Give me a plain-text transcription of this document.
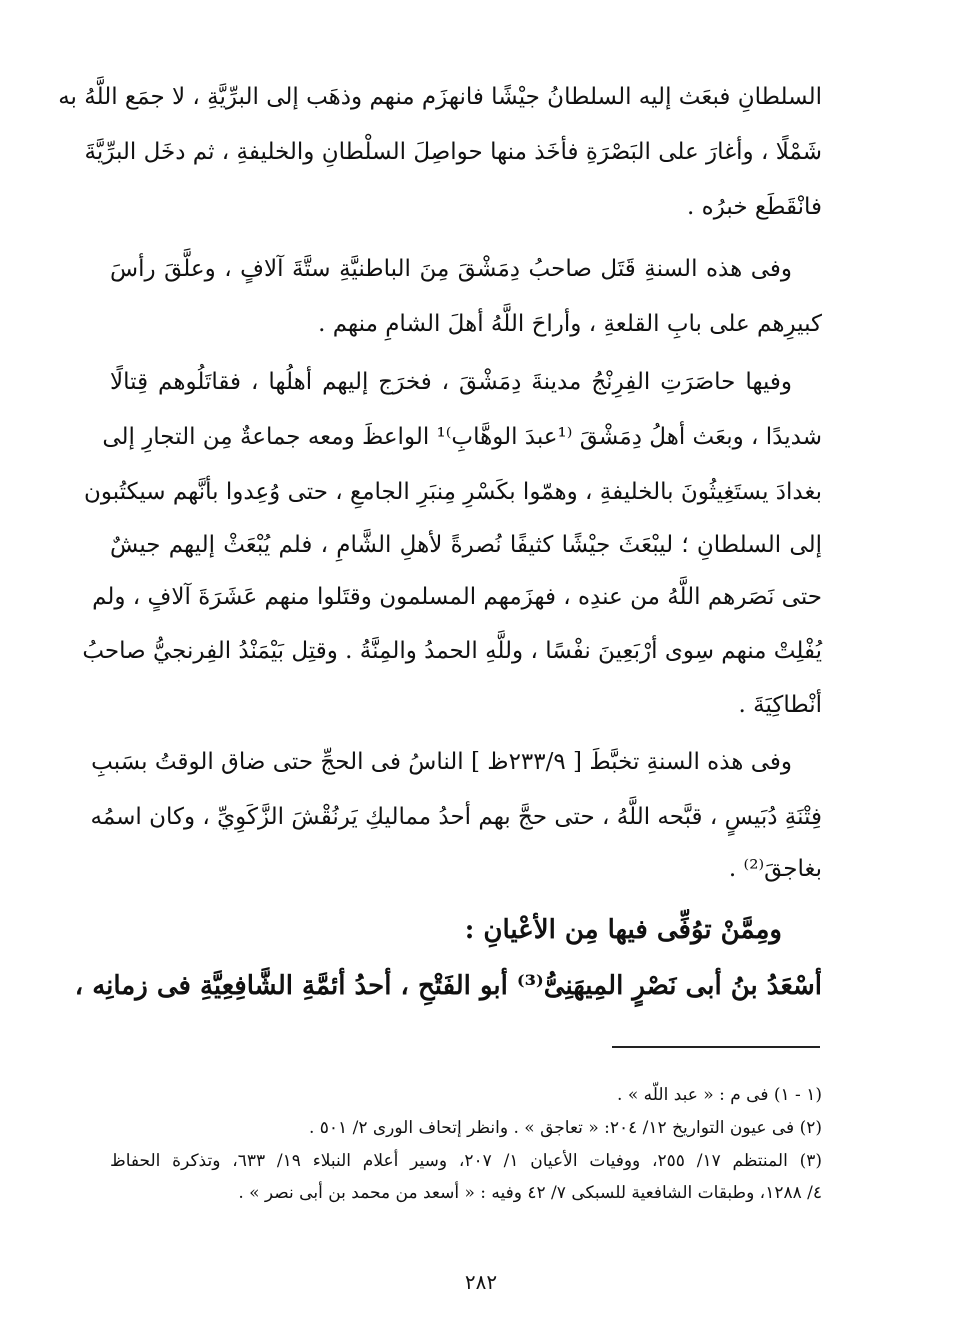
السلطانِ فبعَث إليه السلطانُ جيْشًا فانهزَم منهم وذهَب إلى البرِّيَّةِ ، لا جمَع اللَّهُ به
شَمْلًا ، وأغارَ على البَصْرَةِ فأخَذ منها حواصِلَ السلْطانِ والخليفةِ ، ثم دخَل البرِّيَّةَ
فانْقَطَع خبرُه .
وفى هذه السنةِ قَتَل صاحبُ دِمَشْقَ مِنَ الباطنيَّةِ ستَّةَ آلافٍ ، وعلَّقَ رأسَ
كبيرِهم على بابِ القلعةِ ، وأراحَ اللَّهُ أهلَ الشامِ منهم .
وفيها حاصَرَتِ الفِرِنْجُ مدينةَ دِمَشْقَ ، فخرَج إليهم أهلُها ، فقاتَلُوهم قِتالًا
شديدًا ، وبعَث أهلُ دِمَشْقَ ⁽¹عبدَ الوهَّابِ⁾¹ الواعظَ ومعه جماعةٌ مِن التجارِ إلى
بغدادَ يستَغِيثُونَ بالخليفةِ ، وهمّوا بكَسْرِ مِنبَرِ الجامعِ ، حتى وُعِدوا بأنَّهم سيكتُبون
إلى السلطانِ ؛ ليبْعَثَ جيْشًا كثيفًا نُصرةً لأهلِ الشَّامِ ، فلم يُبْعَثْ إليهم جيشٌ
حتى نَصَرهم اللَّهُ من عندِه ، فهزَمهم المسلمون وقتَلوا منهم عَشَرَةَ آلافٍ ، ولم
يُفْلِتْ منهم سِوى أرْبَعِينَ نفْسًا ، وللَّهِ الحمدُ والمِنَّةُ . وقتِل بَيْمَنْدُ الفِرنجيُّ صاحبُ
أنْطاكِيَةَ .
وفى هذه السنةِ تخبَّطَ [ ٢٣٣/٩ظ ] الناسُ فى الحجِّ حتى ضاق الوقتُ بسَببِ
فِتْنَةِ دُبَيسٍ ، قبَّحه اللَّهُ ، حتى حجَّ بهم أحدُ مماليكِ يَرنُقْشَ الزَّكَوِيِّ ، وكان اسمُه
بغاجقَ⁽²⁾ .
ومِمَّنْ توُفِّى فيها مِن الأعْيانِ :
أسْعَدُ بنُ أبى نَصْرٍ المِيهَنِىُّ⁽³⁾ أبو الفَتْحِ ، أحدُ أئمَّةِ الشَّافِعِيَّةِ فى زمانِه ،
(١ - ١) فى م : « عبد اللّه » .
(٢) فى عيون التواريخ ١٢/ ٢٠٤: « تعاجق » . وانظر إتحاف الورى ٢/ ٥٠١ .
(٣) المنتظم ١٧/ ٢٥٥، ووفيات الأعيان ١/ ٢٠٧، وسير أعلام النبلاء ١٩/ ٦٣٣، وتذكرة الحفاظ
٤/ ١٢٨٨، وطبقات الشافعية للسبكى ٧/ ٤٢ وفيه : « أسعد من محمد بن أبى نصر » .
٢٨٢
